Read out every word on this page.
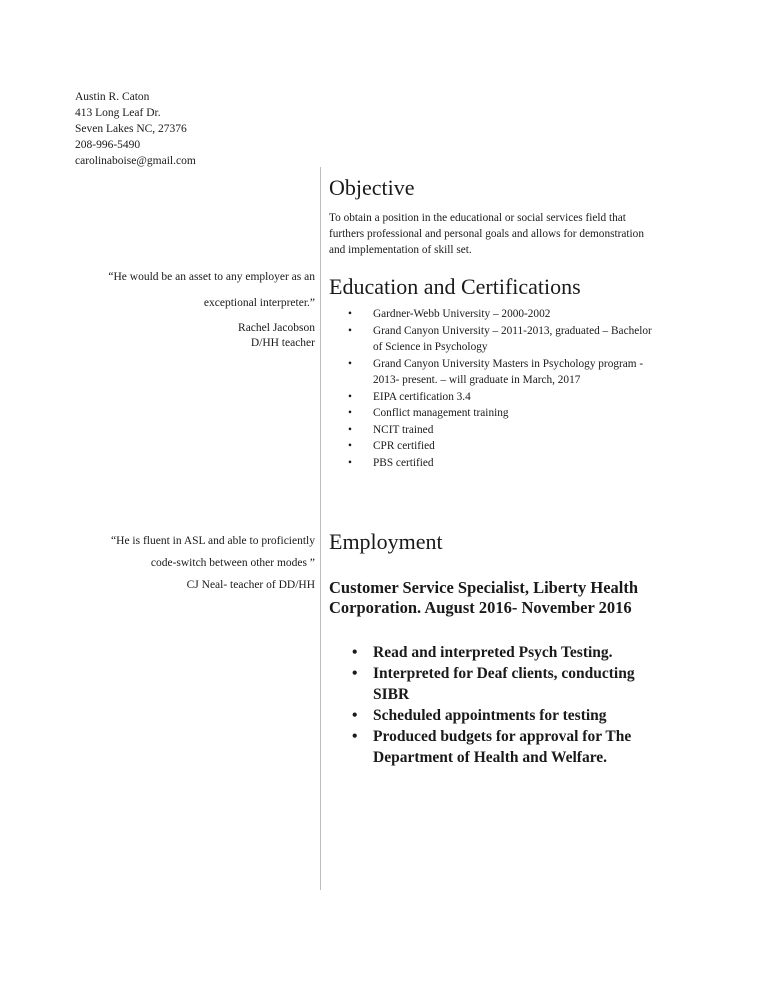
Austin R. Caton
413 Long Leaf Dr.
Seven Lakes NC, 27376
208-996-5490
carolinaboise@gmail.com
“He would be an asset to any employer as an
exceptional interpreter.”
Rachel Jacobson
D/HH teacher
“He is fluent in ASL and able to proficiently
code-switch between other modes ”
CJ Neal- teacher of DD/HH
Objective
To obtain a position in the educational or social services field that furthers professional and personal goals and allows for demonstration and implementation of skill set.
Education and Certifications
• Gardner-Webb University – 2000-2002
• Grand Canyon University – 2011-2013, graduated – Bachelor of Science in Psychology
• Grand Canyon University Masters in Psychology program - 2013- present. – will graduate in March, 2017
• EIPA certification 3.4
• Conflict management training
• NCIT trained
• CPR certified
• PBS certified
Employment
Customer Service Specialist, Liberty Health Corporation. August 2016- November 2016
• Read and interpreted Psych Testing.
• Interpreted for Deaf clients, conducting SIBR
• Scheduled appointments for testing
• Produced budgets for approval for The Department of Health and Welfare.
